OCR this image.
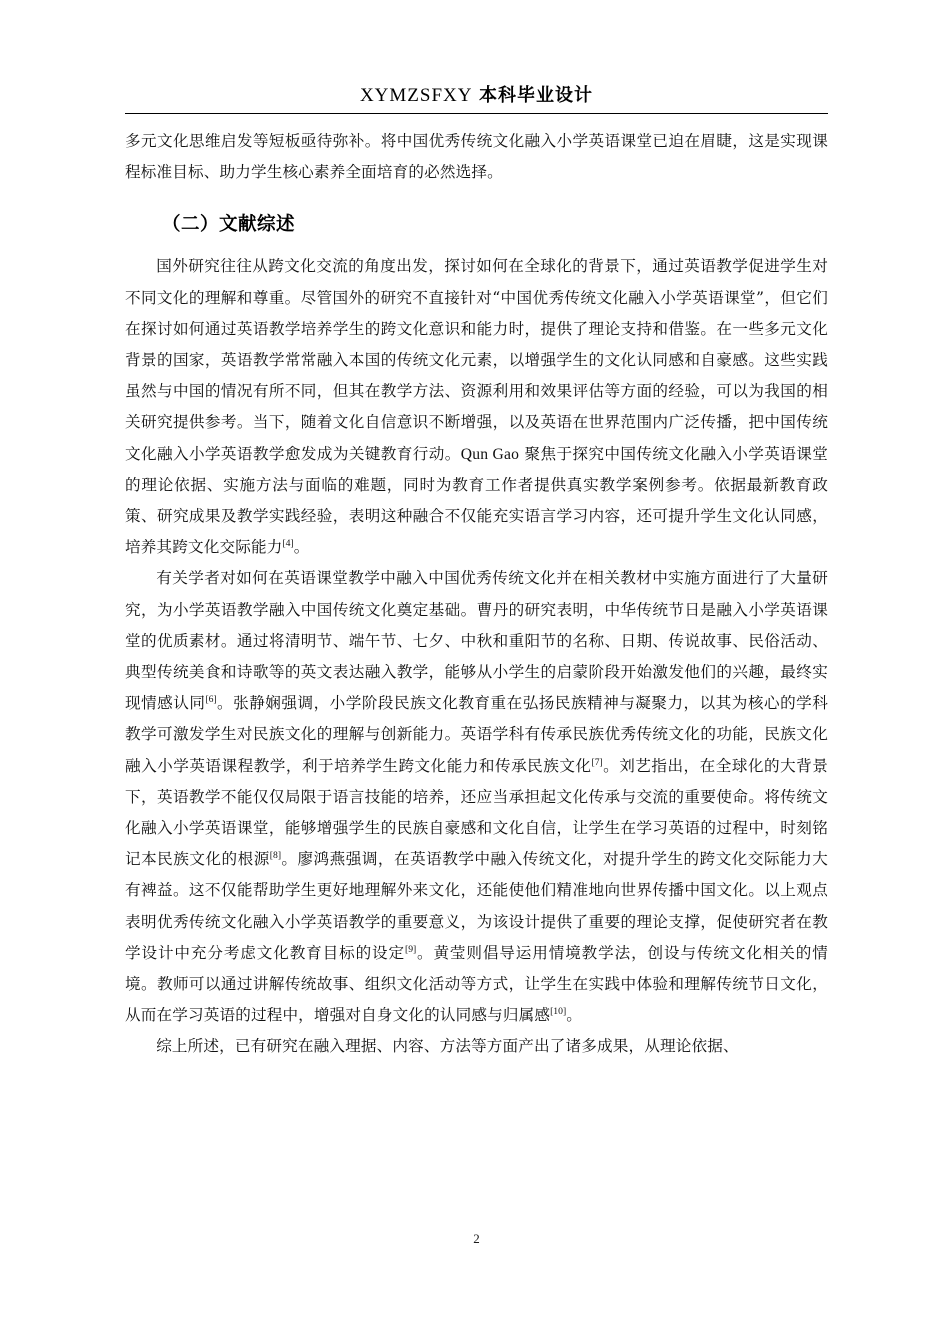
XYMZSFXY 本科毕业设计

多元文化思维启发等短板亟待弥补。将中国优秀传统文化融入小学英语课堂已迫在眉睫，这是实现课程标准目标、助力学生核心素养全面培育的必然选择。

（二）文献综述

国外研究往往从跨文化交流的角度出发，探讨如何在全球化的背景下，通过英语教学促进学生对不同文化的理解和尊重。尽管国外的研究不直接针对“中国优秀传统文化融入小学英语课堂”，但它们在探讨如何通过英语教学培养学生的跨文化意识和能力时，提供了理论支持和借鉴。在一些多元文化背景的国家，英语教学常常融入本国的传统文化元素，以增强学生的文化认同感和自豪感。这些实践虽然与中国的情况有所不同，但其在教学方法、资源利用和效果评估等方面的经验，可以为我国的相关研究提供参考。当下，随着文化自信意识不断增强，以及英语在世界范围内广泛传播，把中国传统文化融入小学英语教学愈发成为关键教育行动。Qun Gao 聚焦于探究中国传统文化融入小学英语课堂的理论依据、实施方法与面临的难题，同时为教育工作者提供真实教学案例参考。依据最新教育政策、研究成果及教学实践经验，表明这种融合不仅能充实语言学习内容，还可提升学生文化认同感，培养其跨文化交际能力[4]。

有关学者对如何在英语课堂教学中融入中国优秀传统文化并在相关教材中实施方面进行了大量研究，为小学英语教学融入中国传统文化奠定基础。曹丹的研究表明，中华传统节日是融入小学英语课堂的优质素材。通过将清明节、端午节、七夕、中秋和重阳节的名称、日期、传说故事、民俗活动、典型传统美食和诗歌等的英文表达融入教学，能够从小学生的启蒙阶段开始激发他们的兴趣，最终实现情感认同[6]。张静娴强调，小学阶段民族文化教育重在弘扬民族精神与凝聚力，以其为核心的学科教学可激发学生对民族文化的理解与创新能力。英语学科有传承民族优秀传统文化的功能，民族文化融入小学英语课程教学，利于培养学生跨文化能力和传承民族文化[7]。刘艺指出，在全球化的大背景下，英语教学不能仅仅局限于语言技能的培养，还应当承担起文化传承与交流的重要使命。将传统文化融入小学英语课堂，能够增强学生的民族自豪感和文化自信，让学生在学习英语的过程中，时刻铭记本民族文化的根源[8]。廖鸿燕强调，在英语教学中融入传统文化，对提升学生的跨文化交际能力大有裨益。这不仅能帮助学生更好地理解外来文化，还能使他们精准地向世界传播中国文化。以上观点表明优秀传统文化融入小学英语教学的重要意义，为该设计提供了重要的理论支撑，促使研究者在教学设计中充分考虑文化教育目标的设定[9]。黄莹则倡导运用情境教学法，创设与传统文化相关的情境。教师可以通过讲解传统故事、组织文化活动等方式，让学生在实践中体验和理解传统节日文化，从而在学习英语的过程中，增强对自身文化的认同感与归属感[10]。

综上所述，已有研究在融入理据、内容、方法等方面产出了诸多成果，从理论依据、

2
